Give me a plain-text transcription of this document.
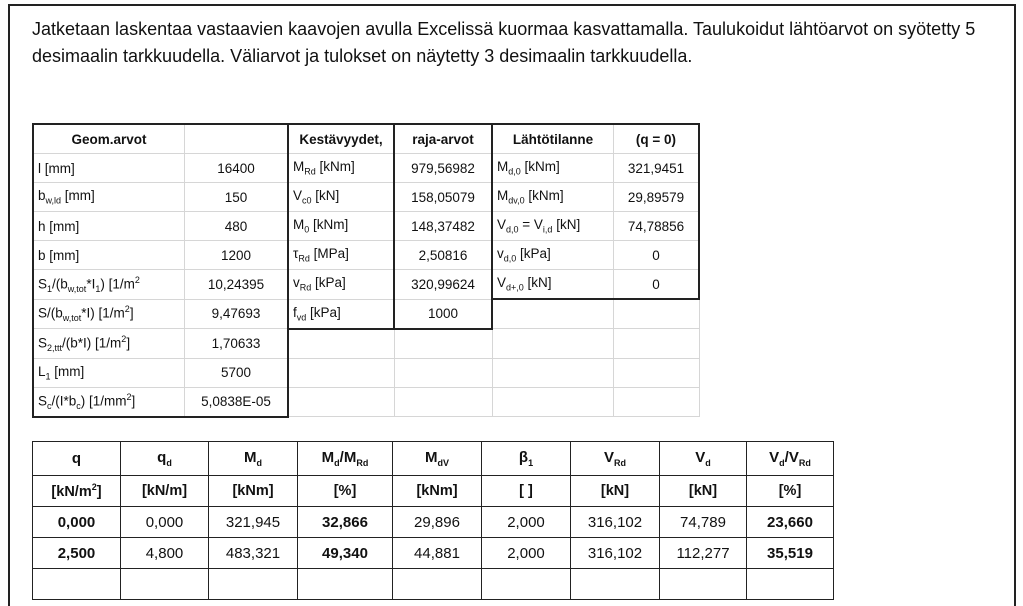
Jatketaan laskentaa vastaavien kaavojen avulla Excelissä kuormaa kasvattamalla. Taulukoidut lähtöarvot on syötetty 5 desimaalin tarkkuudella. Väliarvot ja tulokset on näytetty 3 desimaalin tarkkuudella.
Geom.arvot		Kestävyydet,	raja-arvot	Lähtötilanne	(q = 0)
l [mm]	16400	$M_{Rd}$ [kNm]	979,56982	$M_{d,0}$ [kNm]	321,9451
$b_{w,ld}$ [mm]	150	$V_{c0}$ [kN]	158,05079	$M_{dv,0}$ [kNm]	29,89579
h [mm]	480	$M_0$ [kNm]	148,37482	$V_{d,0} = V_{i,d}$ [kN]	74,78856
b [mm]	1200	$\tau_{Rd}$ [MPa]	2,50816	$v_{d,0}$ [kPa]	0
$S_1/(b_{w,tot}*I_1)$ [$1/m^2$	10,24395	$v_{Rd}$ [kPa]	320,99624	$V_{d+,0}$ [kN]	0
$S/(b_{w,tot}*I)$ $[1/m^2]$	9,47693	$f_{vd}$ [kPa]	1000		
$S_{2,ttt}/(b*I)$ $[1/m^2]$	1,70633				
$L_1$ [mm]	5700				
$S_c/(I*b_c)$ $[1/mm^2]$	5,0838E-05				
q	$q_d$	$M_d$	$M_d/M_{Rd}$	$M_{dV}$	$\beta_1$	$V_{Rd}$	$V_d$	$V_d/V_{Rd}$
$[kN/m^2]$	[kN/m]	[kNm]	[%]	[kNm]	[ ]	[kN]	[kN]	[%]
0,000	0,000	321,945	32,866	29,896	2,000	316,102	74,789	23,660
2,500	4,800	483,321	49,340	44,881	2,000	316,102	112,277	35,519
